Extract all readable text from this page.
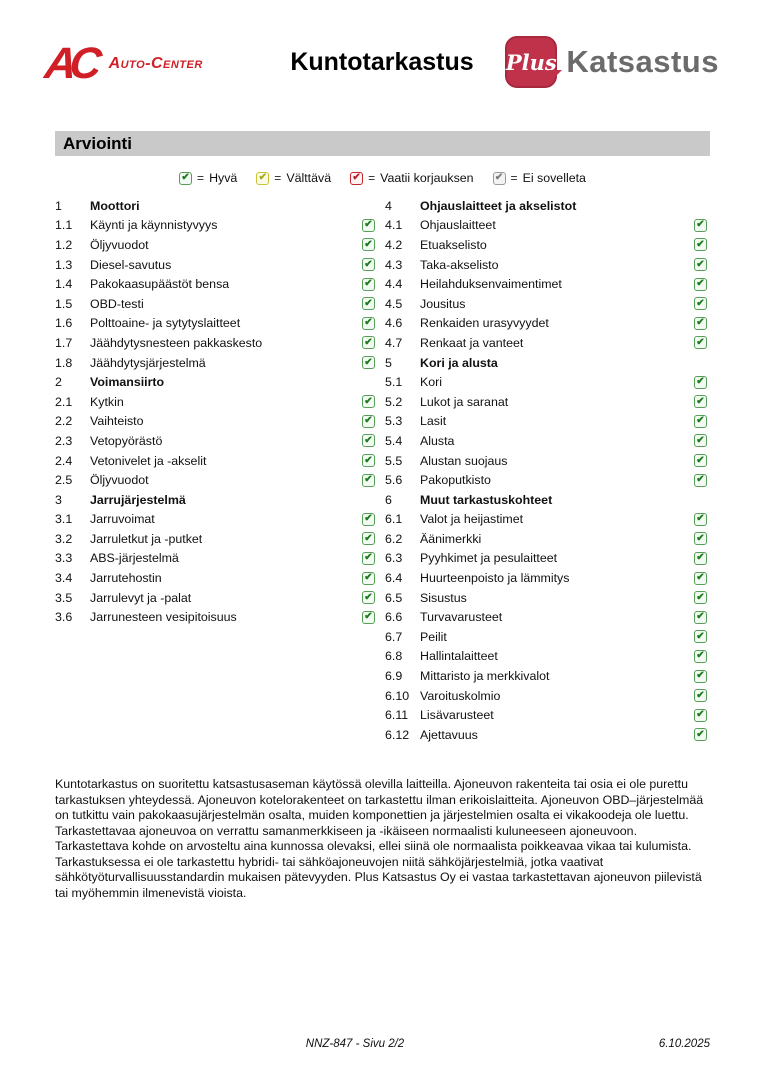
AC Auto-Center	Kuntotarkastus Plus Katsastus
Arviointi
✔ = Hyvä ✔ = Välttävä ✔ = Vaatii korjauksen ✔ = Ei sovelleta
1	Moottori
1.1	Käynti ja käynnistyvyys	✔
1.2	Öljyvuodot	✔
1.3	Diesel-savutus	✔
1.4	Pakokaasupäästöt bensa	✔
1.5	OBD-testi	✔
1.6	Polttoaine- ja sytytyslaitteet	✔
1.7	Jäähdytysnesteen pakkaskesto	✔
1.8	Jäähdytysjärjestelmä	✔
2	Voimansiirto
2.1	Kytkin	✔
2.2	Vaihteisto	✔
2.3	Vetopyörästö	✔
2.4	Vetonivelet ja -akselit	✔
2.5	Öljyvuodot	✔
3	Jarrujärjestelmä
3.1	Jarruvoimat	✔
3.2	Jarruletkut ja -putket	✔
3.3	ABS-järjestelmä	✔
3.4	Jarrutehostin	✔
3.5	Jarrulevyt ja -palat	✔
3.6	Jarrunesteen vesipitoisuus	✔
4	Ohjauslaitteet ja akselistot
4.1	Ohjauslaitteet	✔
4.2	Etuakselisto	✔
4.3	Taka-akselisto	✔
4.4	Heilahduksenvaimentimet	✔
4.5	Jousitus	✔
4.6	Renkaiden urasyvyydet	✔
4.7	Renkaat ja vanteet	✔
5	Kori ja alusta
5.1	Kori	✔
5.2	Lukot ja saranat	✔
5.3	Lasit	✔
5.4	Alusta	✔
5.5	Alustan suojaus	✔
5.6	Pakoputkisto	✔
6	Muut tarkastuskohteet
6.1	Valot ja heijastimet	✔
6.2	Äänimerkki	✔
6.3	Pyyhkimet ja pesulaitteet	✔
6.4	Huurteenpoisto ja lämmitys	✔
6.5	Sisustus	✔
6.6	Turvavarusteet	✔
6.7	Peilit	✔
6.8	Hallintalaitteet	✔
6.9	Mittaristo ja merkkivalot	✔
6.10 Varoituskolmio	✔
6.11 Lisävarusteet	✔
6.12 Ajettavuus	✔
Kuntotarkastus on suoritettu katsastusaseman käytössä olevilla laitteilla. Ajoneuvon rakenteita tai osia ei ole purettu tarkastuksen yhteydessä. Ajoneuvon kotelorakenteet on tarkastettu ilman erikoislaitteita. Ajoneuvon OBD–järjestelmää on tutkittu vain pakokaasujärjestelmän osalta, muiden komponettien ja järjestelmien osalta ei vikakoodeja ole luettu. Tarkastettavaa ajoneuvoa on verrattu samanmerkkiseen ja -ikäiseen normaalisti kuluneeseen ajoneuvoon. Tarkastettava kohde on arvosteltu aina kunnossa olevaksi, ellei siinä ole normaalista poikkeavaa vikaa tai kulumista. Tarkastuksessa ei ole tarkastettu hybridi- tai sähköajoneuvojen niitä sähköjärjestelmiä, jotka vaativat sähkötyöturvallisuusstandardin mukaisen pätevyyden. Plus Katsastus Oy ei vastaa tarkastettavan ajoneuvon piilevistä tai myöhemmin ilmenevistä vioista.
NNZ-847 - Sivu 2/2	6.10.2025
